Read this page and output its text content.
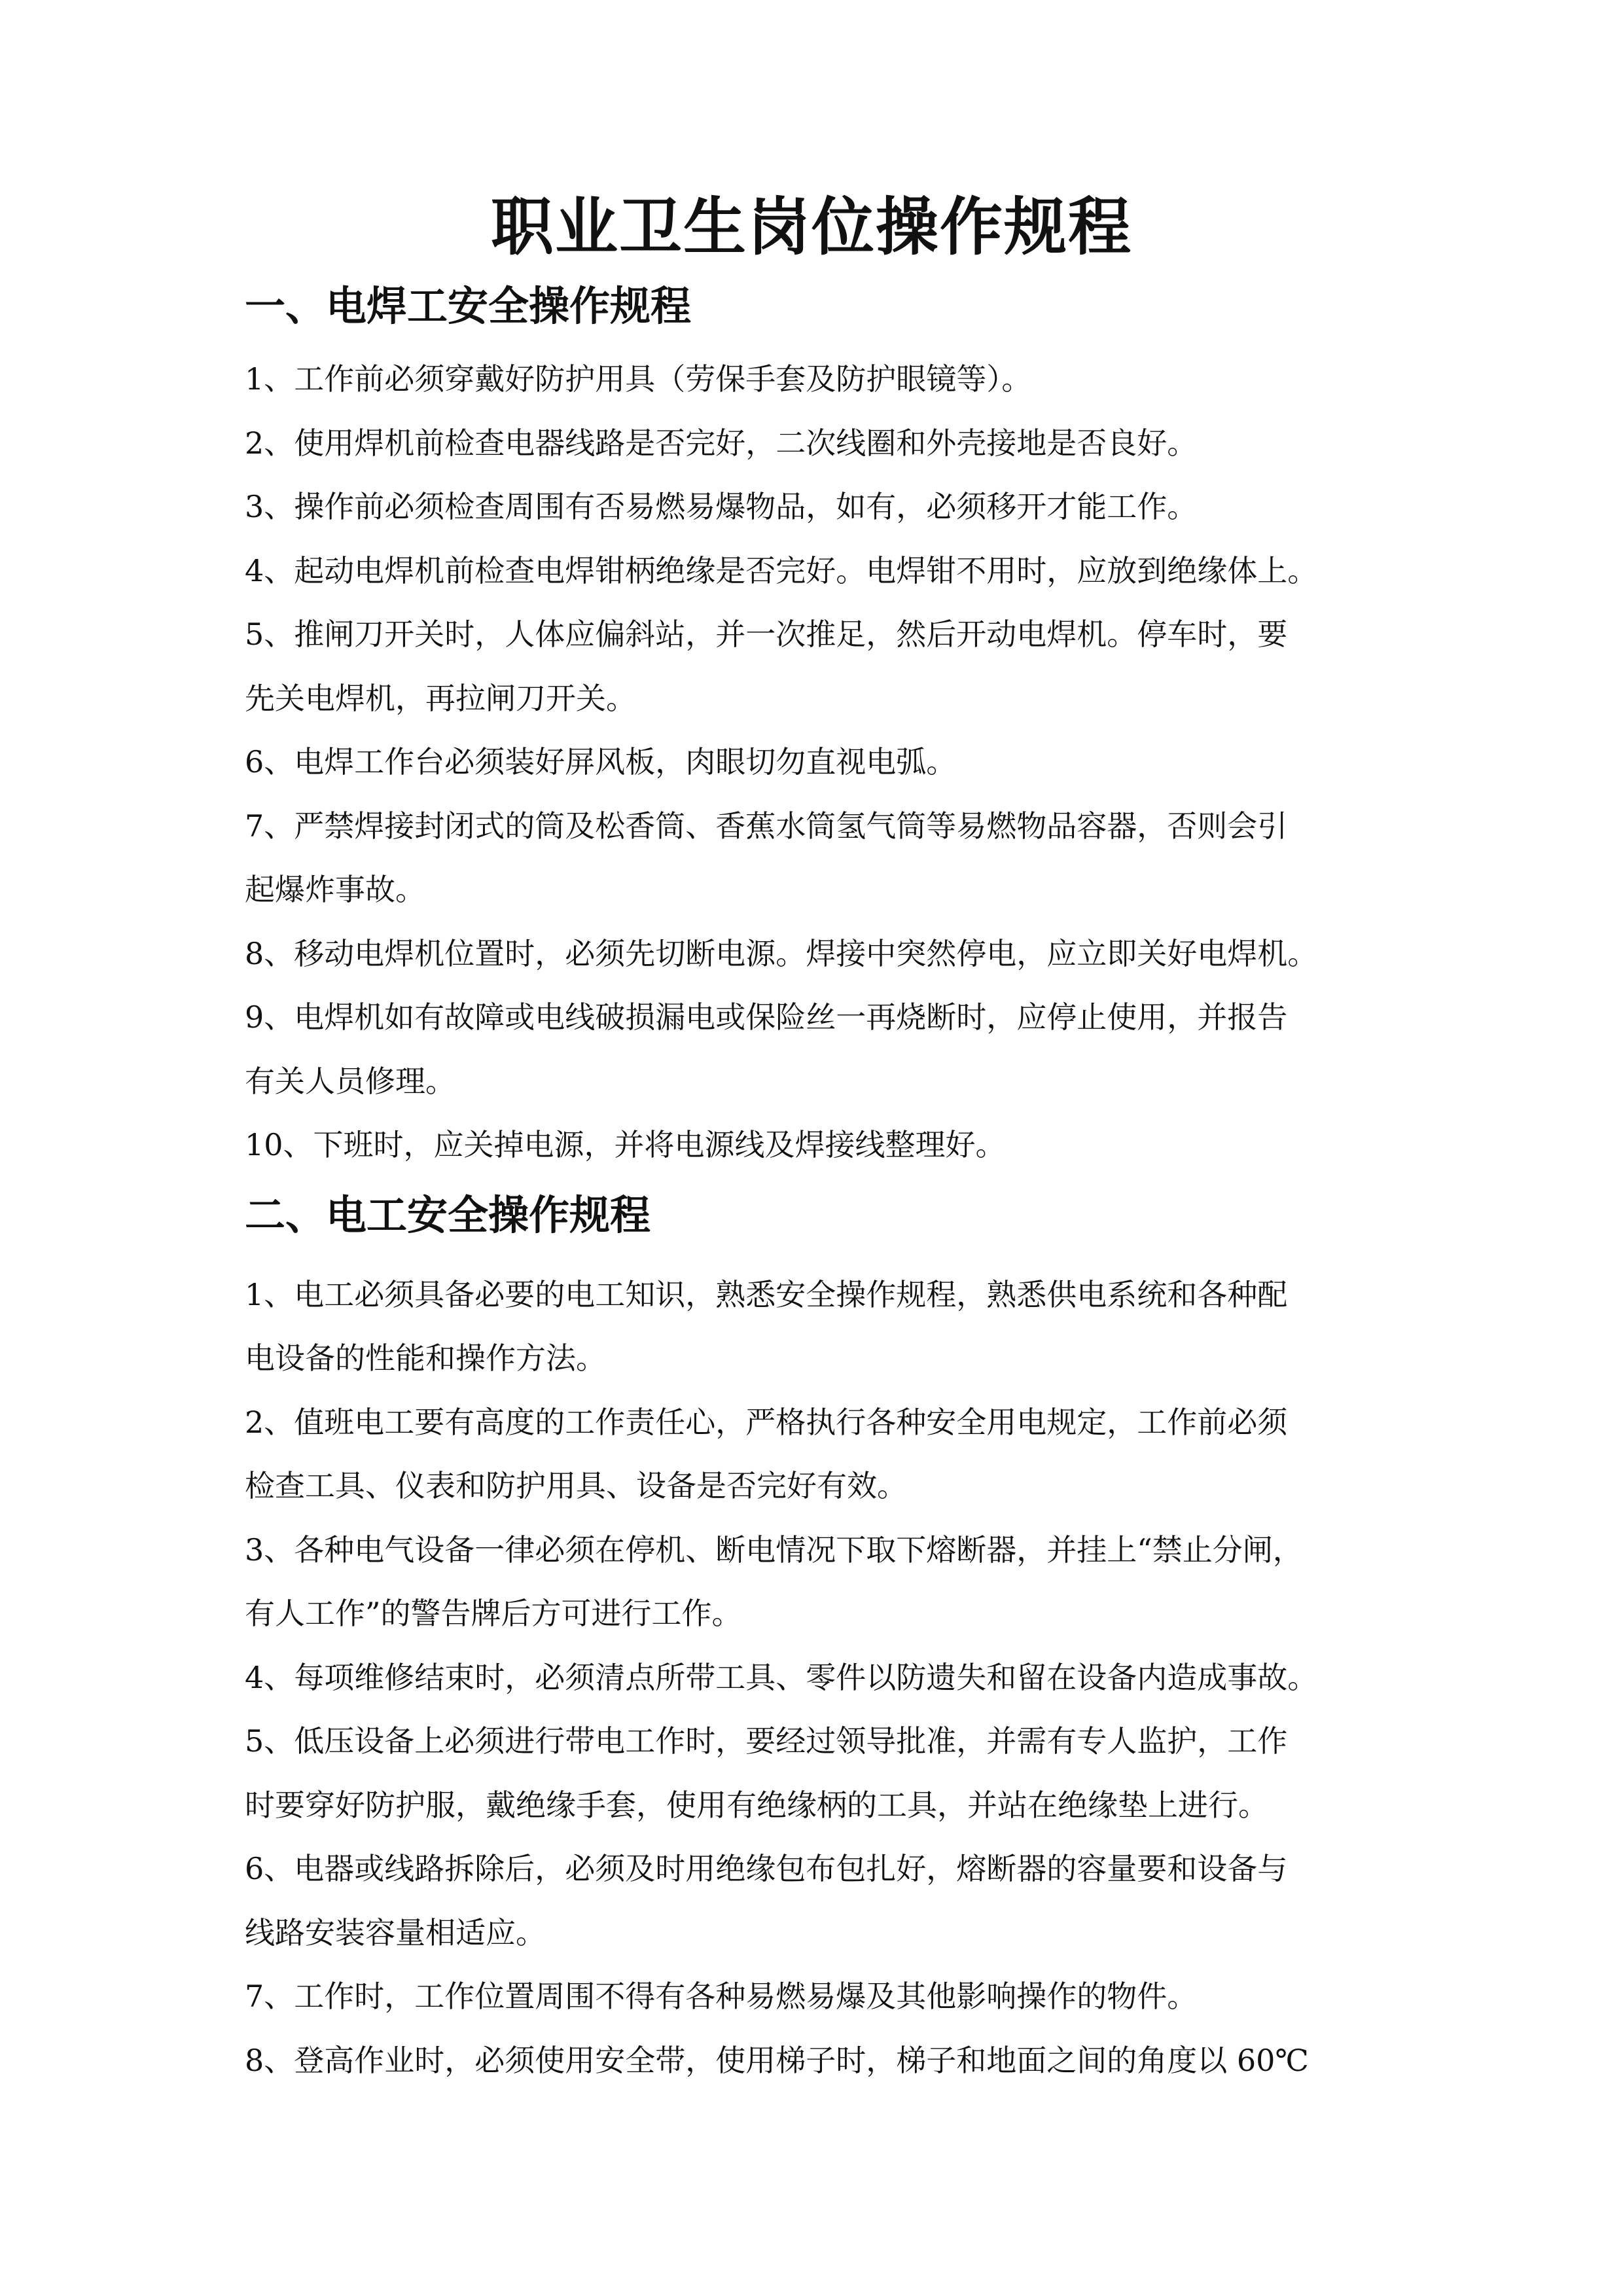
职业卫生岗位操作规程
一、电焊工安全操作规程

1、工作前必须穿戴好防护用具（劳保手套及防护眼镜等）。

2、使用焊机前检查电器线路是否完好，二次线圈和外壳接地是否良好。

3、操作前必须检查周围有否易燃易爆物品，如有，必须移开才能工作。

4、起动电焊机前检查电焊钳柄绝缘是否完好。电焊钳不用时，应放到绝缘体上。

5、推闸刀开关时，人体应偏斜站，并一次推足，然后开动电焊机。停车时，要

先关电焊机，再拉闸刀开关。

6、电焊工作台必须装好屏风板，肉眼切勿直视电弧。

7、严禁焊接封闭式的筒及松香筒、香蕉水筒氢气筒等易燃物品容器，否则会引

起爆炸事故。

8、移动电焊机位置时，必须先切断电源。焊接中突然停电，应立即关好电焊机。

9、电焊机如有故障或电线破损漏电或保险丝一再烧断时，应停止使用，并报告

有关人员修理。

10、下班时，应关掉电源，并将电源线及焊接线整理好。

二、电工安全操作规程

1、电工必须具备必要的电工知识，熟悉安全操作规程，熟悉供电系统和各种配

电设备的性能和操作方法。

2、值班电工要有高度的工作责任心，严格执行各种安全用电规定，工作前必须

检查工具、仪表和防护用具、设备是否完好有效。

3、各种电气设备一律必须在停机、断电情况下取下熔断器，并挂上“禁止分闸，

有人工作”的警告牌后方可进行工作。

4、每项维修结束时，必须清点所带工具、零件以防遗失和留在设备内造成事故。

5、低压设备上必须进行带电工作时，要经过领导批准，并需有专人监护，工作

时要穿好防护服，戴绝缘手套，使用有绝缘柄的工具，并站在绝缘垫上进行。

6、电器或线路拆除后，必须及时用绝缘包布包扎好，熔断器的容量要和设备与

线路安装容量相适应。

7、工作时，工作位置周围不得有各种易燃易爆及其他影响操作的物件。

8、登高作业时，必须使用安全带，使用梯子时，梯子和地面之间的角度以 60℃
